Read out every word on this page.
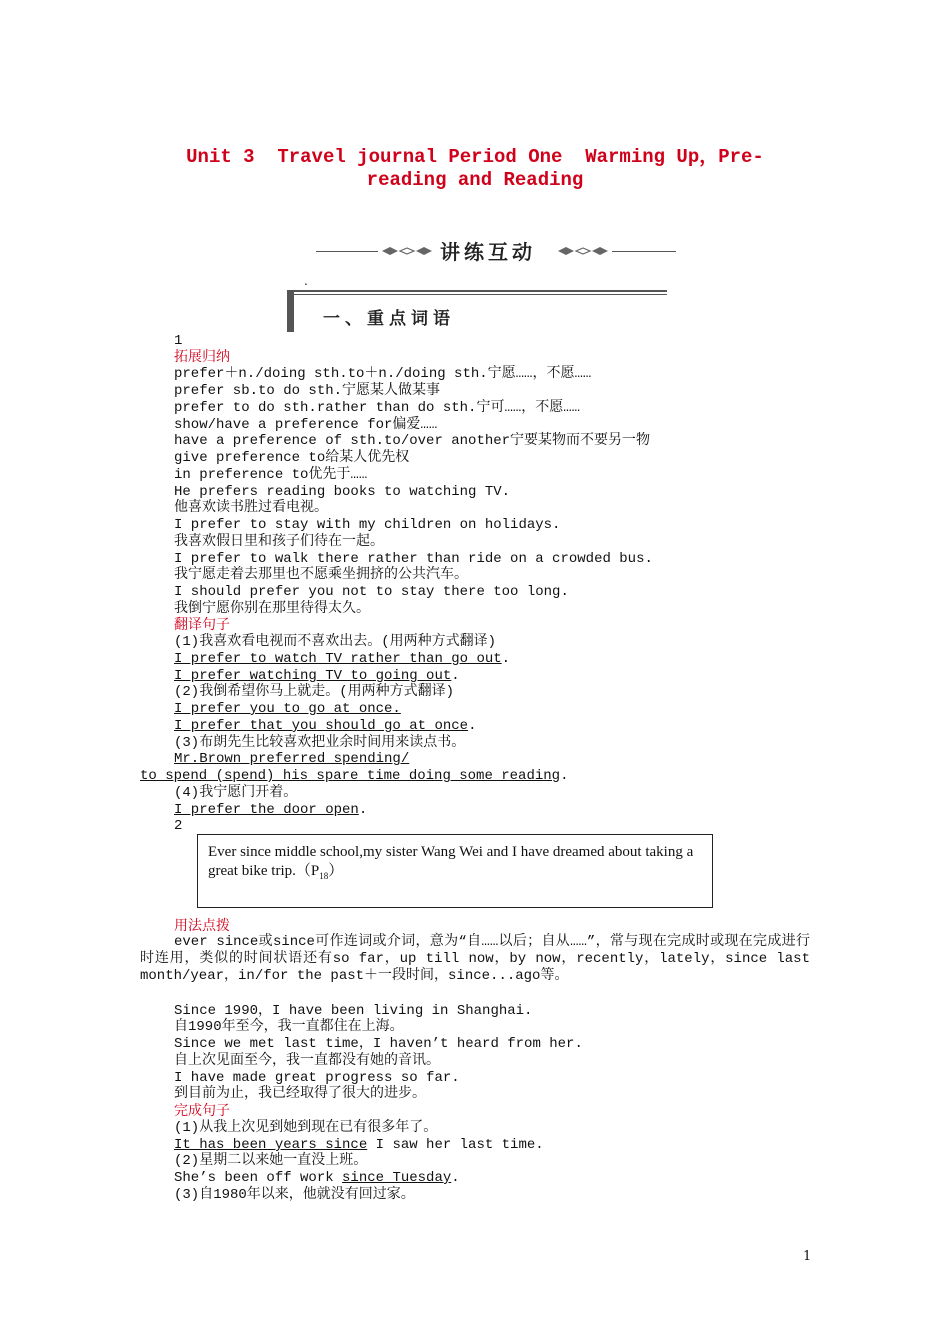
Unit 3  Travel journal Period One  Warming Up，Pre-
reading and Reading
讲练互动
.
一、重点词语
1
拓展归纳
prefer＋n./doing sth.to＋n./doing sth.宁愿……，不愿……
prefer sb.to do sth.宁愿某人做某事
prefer to do sth.rather than do sth.宁可……，不愿……
show/have a preference for偏爱……
have a preference of sth.to/over another宁要某物而不要另一物
give preference to给某人优先权
in preference to优先于……
He prefers reading books to watching TV.
他喜欢读书胜过看电视。
I prefer to stay with my children on holidays.
我喜欢假日里和孩子们待在一起。
I prefer to walk there rather than ride on a crowded bus.
我宁愿走着去那里也不愿乘坐拥挤的公共汽车。
I should prefer you not to stay there too long.
我倒宁愿你别在那里待得太久。
翻译句子
(1)我喜欢看电视而不喜欢出去。(用两种方式翻译)
I prefer to watch TV rather than go out.
I prefer watching TV to going out.
(2)我倒希望你马上就走。(用两种方式翻译)
I prefer you to go at once.
I prefer that you should go at once.
(3)布朗先生比较喜欢把业余时间用来读点书。
Mr.Brown preferred spending/
to spend (spend) his spare time doing some reading.
(4)我宁愿门开着。
I prefer the door open.
2
Ever since middle school,my sister Wang Wei and I have dreamed about taking a great bike $trip.(P_{18})$
用法点拨
ever since或since可作连词或介词，意为“自……以后；自从……”，常与现在完成时或现在完成进行时连用，类似的时间状语还有so far，up till now，by now，recently，lately，since last month/year，in/for the past＋一段时间，since...ago等。
Since 1990，I have been living in Shanghai.
自1990年至今，我一直都住在上海。
Since we met last time，I haven’t heard from her.
自上次见面至今，我一直都没有她的音讯。
I have made great progress so far.
到目前为止，我已经取得了很大的进步。
完成句子
(1)从我上次见到她到现在已有很多年了。
It has been years since I saw her last time.
(2)星期二以来她一直没上班。
She’s been off work since Tuesday.
(3)自1980年以来，他就没有回过家。
1
